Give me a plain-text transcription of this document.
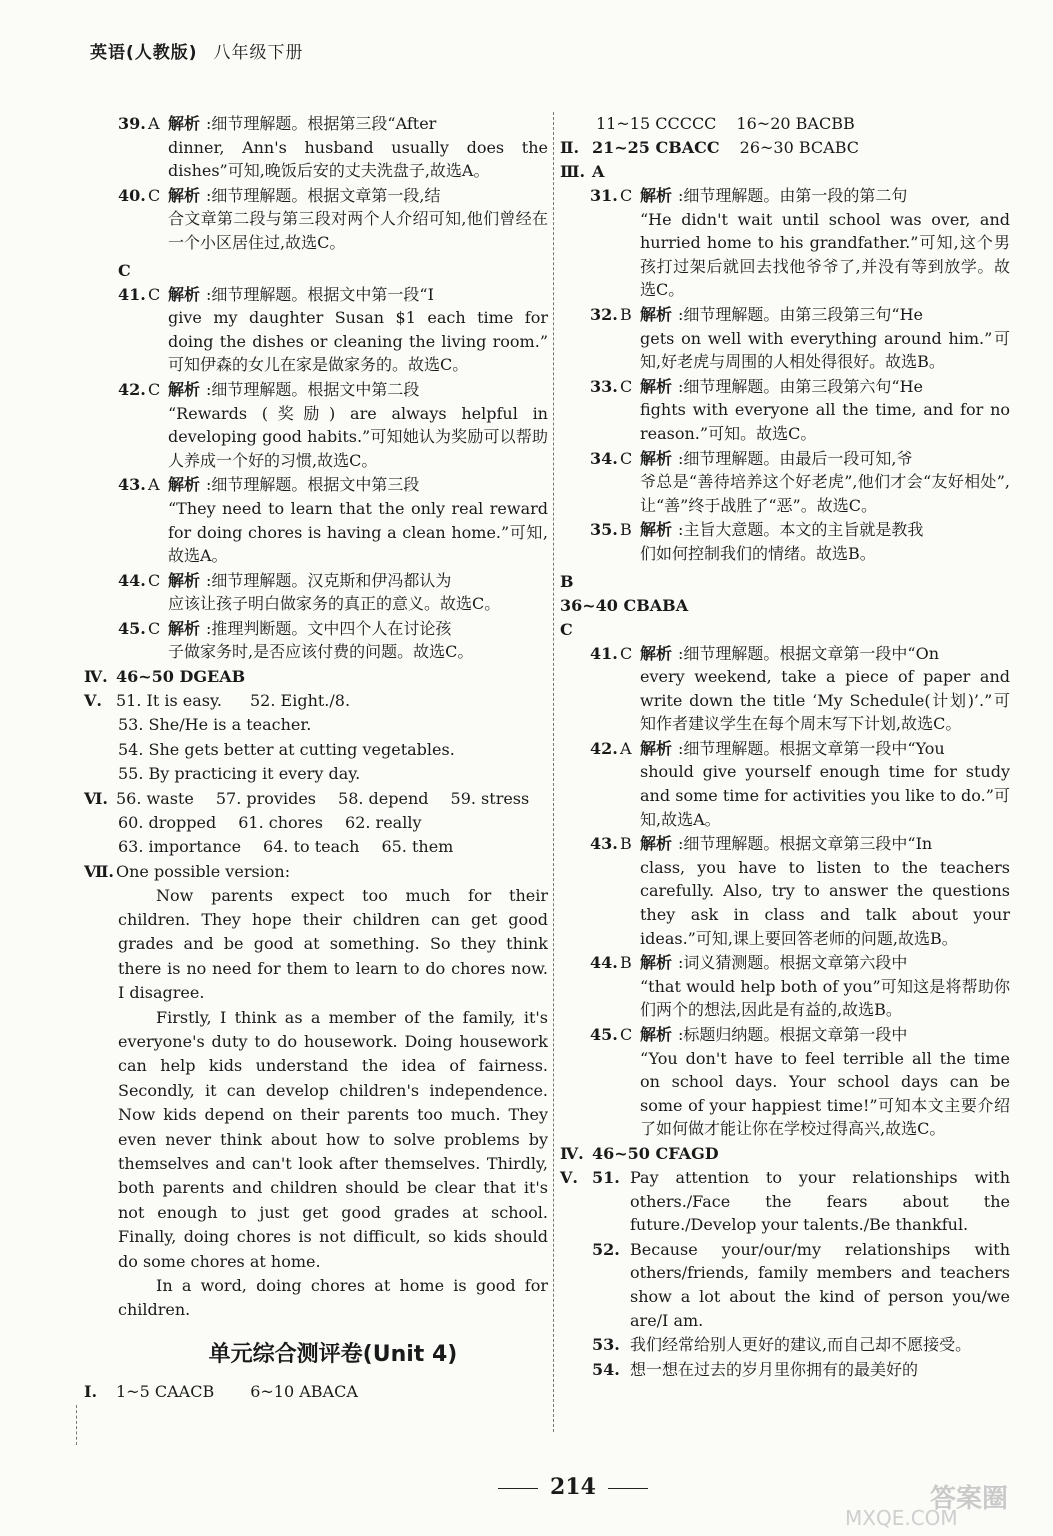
英语(人教版) 八年级下册
39. A 解析 :细节理解题。根据第三段“After

dinner, Ann's husband usually does the dishes”可知,晚饭后安的丈夫洗盘子,故选A。

40. C 解析 :细节理解题。根据文章第一段,结

合文章第二段与第三段对两个人介绍可知,他们曾经在一个小区居住过,故选C。

C
41. C 解析 :细节理解题。根据文中第一段“I

give my daughter Susan $1 each time for doing the dishes or cleaning the living room.” 可知伊森的女儿在家是做家务的。故选C。

42. C 解析 :细节理解题。根据文中第二段

“Rewards (奖励) are always helpful in developing good habits.”可知她认为奖励可以帮助人养成一个好的习惯,故选C。

43. A 解析 :细节理解题。根据文中第三段

“They need to learn that the only real reward for doing chores is having a clean home.”可知,故选A。

44. C 解析 :细节理解题。汉克斯和伊冯都认为

应该让孩子明白做家务的真正的意义。故选C。

45. C 解析 :推理判断题。文中四个人在讨论孩

子做家务时,是否应该付费的问题。故选C。

Ⅳ. 46~50 DGEAB
Ⅴ. 51. It is easy. 52. Eight./8.
53. She/He is a teacher.
54. She gets better at cutting vegetables.
55. By practicing it every day.
Ⅵ. 56. waste 57. provides 58. depend 59. stress
60. dropped 61. chores 62. really
63. importance 64. to teach 65. them
Ⅶ. One possible version:
Now parents expect too much for their children. They hope their children can get good grades and be good at something. So they think there is no need for them to learn to do chores now. I disagree.
Firstly, I think as a member of the family, it's everyone's duty to do housework. Doing housework can help kids understand the idea of fairness. Secondly, it can develop children's independence. Now kids depend on their parents too much. They even never think about how to solve problems by themselves and can't look after themselves. Thirdly, both parents and children should be clear that it's not enough to just get good grades at school. Finally, doing chores is not difficult, so kids should do some chores at home.
In a word, doing chores at home is good for children.
单元综合测评卷(Unit 4)
Ⅰ. 1~5 CAACB 6~10 ABACA
11~15 CCCCC 16~20 BACBB
Ⅱ. 21~25 CBACC 26~30 BCABC
Ⅲ. A
31. C 解析 :细节理解题。由第一段的第二句

“He didn't wait until school was over, and hurried home to his grandfather.”可知,这个男孩打过架后就回去找他爷爷了,并没有等到放学。故选C。

32. B 解析 :细节理解题。由第三段第三句“He

gets on well with everything around him.”可知,好老虎与周围的人相处得很好。故选B。

33. C 解析 :细节理解题。由第三段第六句“He

fights with everyone all the time, and for no reason.”可知。故选C。

34. C 解析 :细节理解题。由最后一段可知,爷

爷总是“善待培养这个好老虎”,他们才会“友好相处”,让“善”终于战胜了“恶”。故选C。

35. B 解析 :主旨大意题。本文的主旨就是教我

们如何控制我们的情绪。故选B。

B
36~40 CBABA
C
41. C 解析 :细节理解题。根据文章第一段中“On

every weekend, take a piece of paper and write down the title ‘My Schedule(计划)’.”可知作者建议学生在每个周末写下计划,故选C。

42. A 解析 :细节理解题。根据文章第一段中“You

should give yourself enough time for study and some time for activities you like to do.”可知,故选A。

43. B 解析 :细节理解题。根据文章第三段中“In

class, you have to listen to the teachers carefully. Also, try to answer the questions they ask in class and talk about your ideas.”可知,课上要回答老师的问题,故选B。

44. B 解析 :词义猜测题。根据文章第六段中

“that would help both of you”可知这是将帮助你们两个的想法,因此是有益的,故选B。

45. C 解析 :标题归纳题。根据文章第一段中

“You don't have to feel terrible all the time on school days. Your school days can be some of your happiest time!”可知本文主要介绍了如何做才能让你在学校过得高兴,故选C。

Ⅳ. 46~50 CFAGD
Ⅴ. 51. Pay attention to your relationships with others./Face the fears about the future./Develop your talents./Be thankful.
52. Because your/our/my relationships with others/friends, family members and teachers show a lot about the kind of person you/we are/I am.
53. 我们经常给别人更好的建议,而自己却不愿接受。
54. 想一想在过去的岁月里你拥有的最美好的
214	答案圈
MXQE.COM
